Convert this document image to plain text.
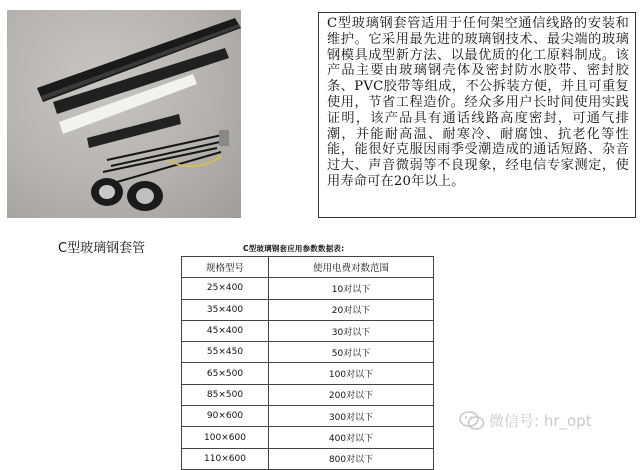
C型玻璃钢套管适用于任何架空通信线路的安装和维护。它采用最先进的玻璃钢技术、最尖端的玻璃钢模具成型新方法、以最优质的化工原料制成。该产品主要由玻璃钢壳体及密封防水胶带、密封胶条、PVC胶带等组成，不公拆装方便，并且可重复使用，节省工程造价。经众多用户长时间使用实践证明，该产品具有通话线路高度密封，可通气排潮，并能耐高温、耐寒冷、耐腐蚀、抗老化等性能，能很好克服因雨季受潮造成的通话短路、杂音过大、声音微弱等不良现象，经电信专家测定，使用寿命可在20年以上。

C型玻璃钢套管	C型玻璃钢套应用参数数据表:
规格型号	使用电费对数范围
25×400	10对以下
35×400	20对以下
45×400	30对以下
55×450	50对以下
65×500	100对以下
85×500	200对以下
90×600	300对以下
100×600	400对以下
110×600	800对以下
微信号: hr_opt
